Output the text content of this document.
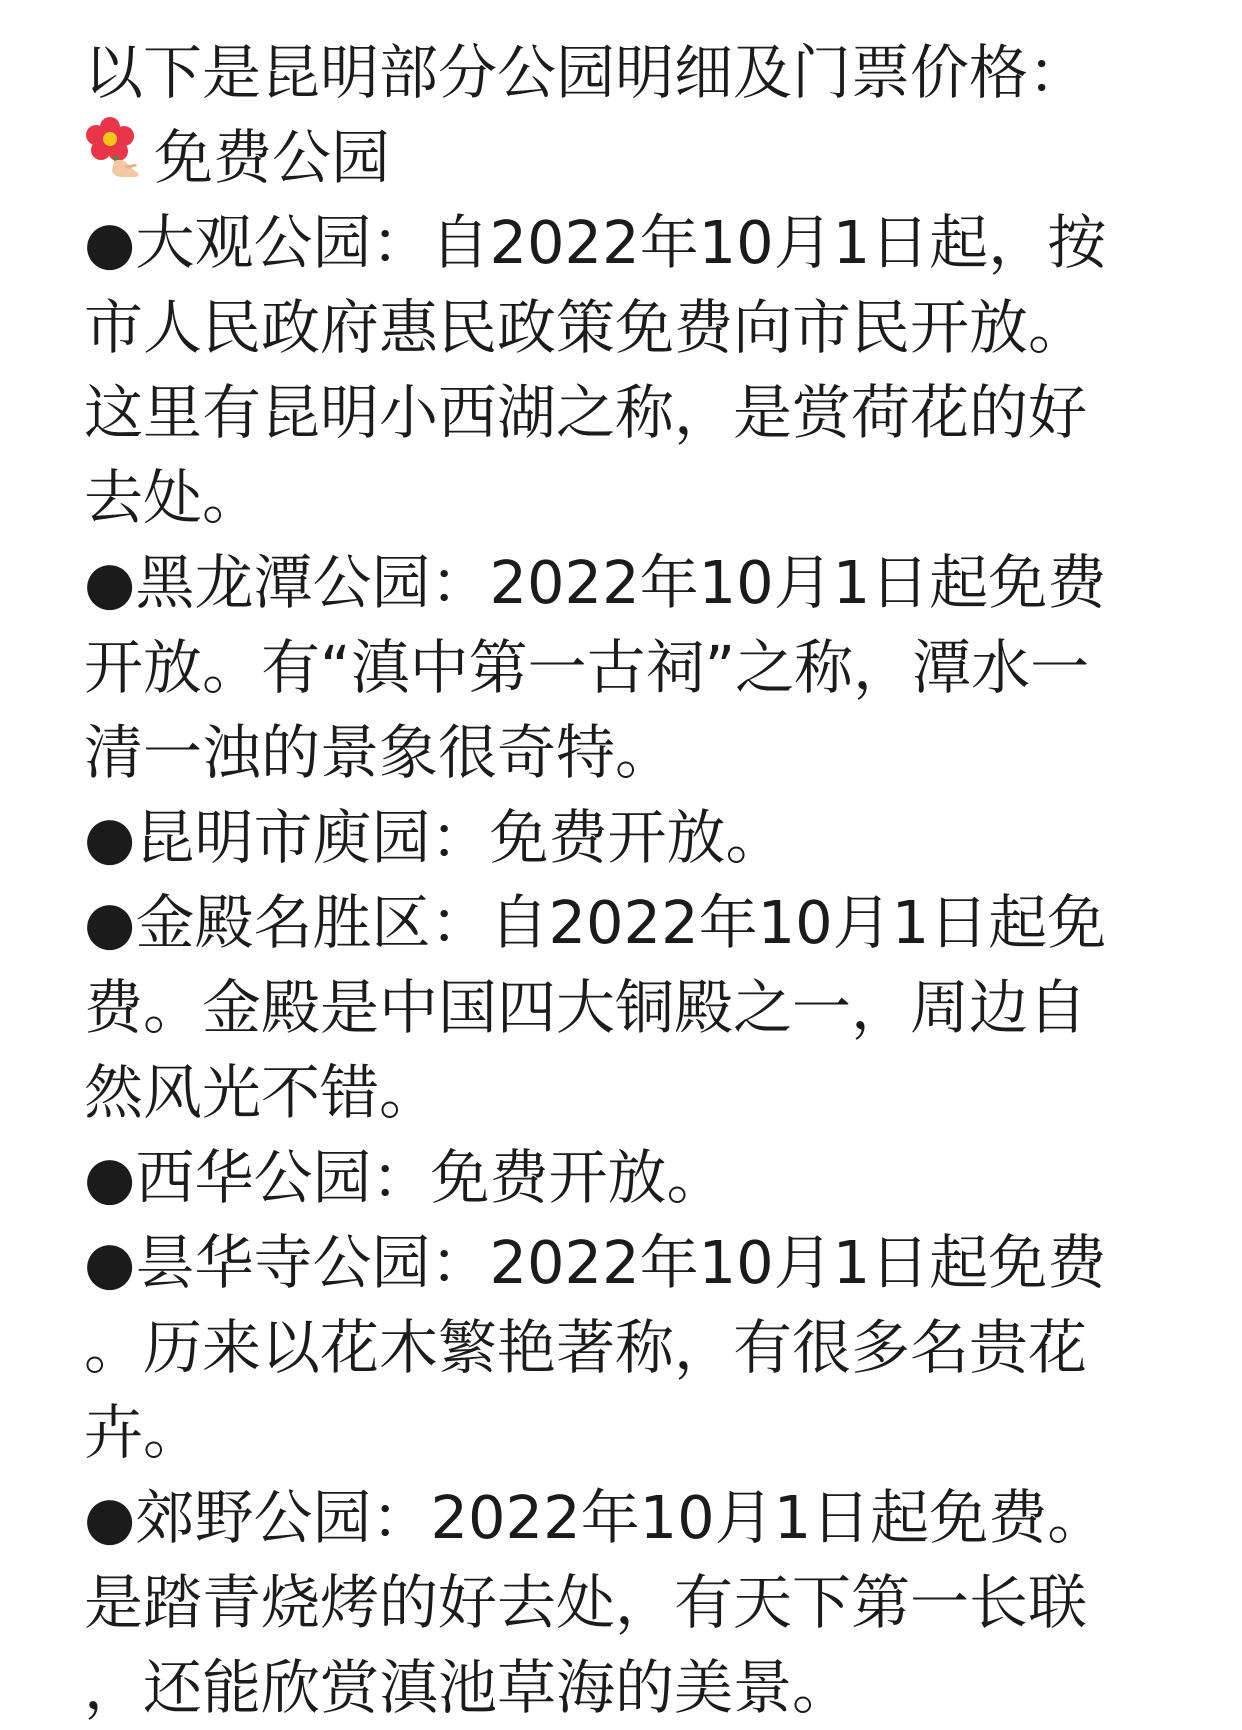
以下是昆明部分公园明细及门票价格：
免费公园
●大观公园：自2022年10月1日起，按
市人民政府惠民政策免费向市民开放。
这里有昆明小西湖之称，是赏荷花的好
去处。
●黑龙潭公园：2022年10月1日起免费
开放。有“滇中第一古祠”之称，潭水一
清一浊的景象很奇特。
●昆明市庾园：免费开放。
●金殿名胜区：自2022年10月1日起免
费。金殿是中国四大铜殿之一，周边自
然风光不错。
●西华公园：免费开放。
●昙华寺公园：2022年10月1日起免费
。历来以花木繁艳著称，有很多名贵花
卉。
●郊野公园：2022年10月1日起免费。
是踏青烧烤的好去处，有天下第一长联
，还能欣赏滇池草海的美景。
